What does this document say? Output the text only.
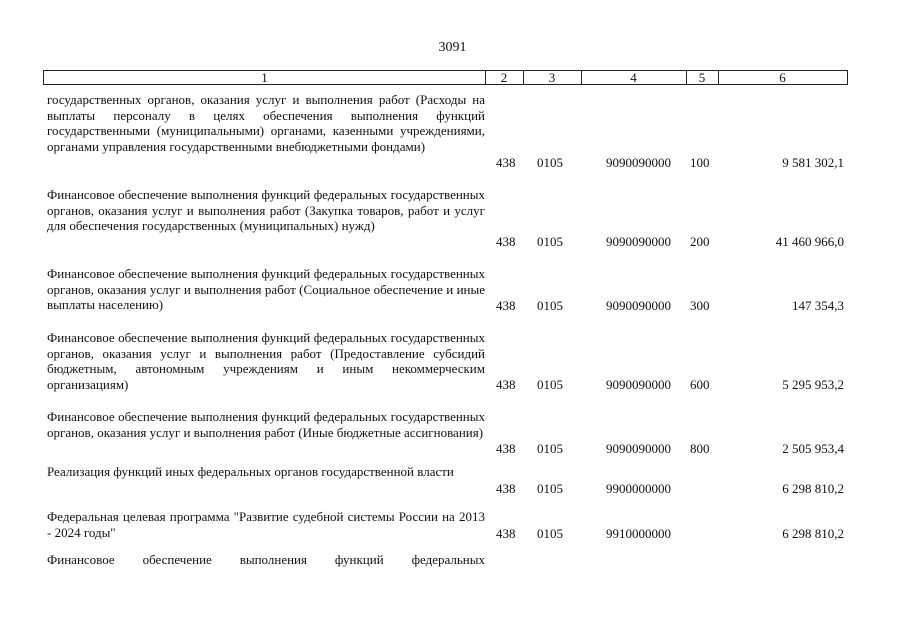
3091
1	2	3	4	5	6
государственных органов, оказания услуг и выполнения работ (Расходы на выплаты персоналу в целях обеспечения выполнения функций государственными (муниципальными) органами, казенными учреждениями, органами управления государственными внебюджетными фондами)
438 0105	9090090000 100	9 581 302,1
Финансовое обеспечение выполнения функций федеральных государственных органов, оказания услуг и выполнения работ (Закупка товаров, работ и услуг для обеспечения государственных (муниципальных) нужд)
438 0105	9090090000 200	41 460 966,0
Финансовое обеспечение выполнения функций федеральных государственных органов, оказания услуг и выполнения работ (Социальное обеспечение и иные выплаты населению)	438 0105	9090090000 300	147 354,3
Финансовое обеспечение выполнения функций федеральных государственных органов, оказания услуг и выполнения работ (Предоставление субсидий бюджетным, автономным учреждениям и иным некоммерческим организациям)	438 0105	9090090000 600	5 295 953,2
Финансовое обеспечение выполнения функций федеральных государственных органов, оказания услуг и выполнения работ (Иные бюджетные ассигнования)
438 0105	9090090000 800	2 505 953,4
Реализация функций иных федеральных органов государственной власти
438 0105	9900000000	6 298 810,2
Федеральная целевая программа "Развитие судебной системы России на 2013 - 2024 годы"	438 0105	9910000000	6 298 810,2
Финансовое обеспечение выполнения функций федеральных
